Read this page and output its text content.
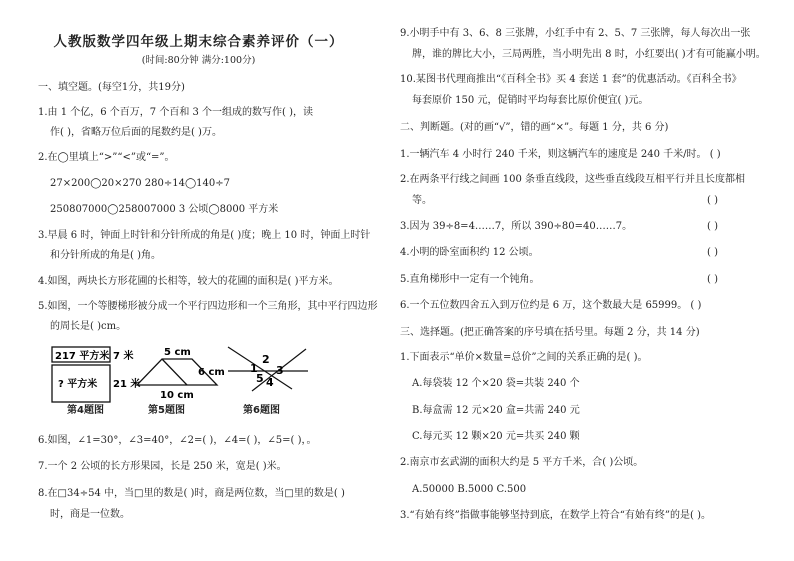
人教版数学四年级上期末综合素养评价（一）
(时间:80分钟 满分:100分)
一、填空题。(每空1分，共19分)
1.由 1 个亿，6 个百万，7 个百和 3 个一组成的数写作( )，读
作( )，省略万位后面的尾数约是( )万。
2.在◯里填上“>”“<”或“=”。
27×200◯20×270 280÷14◯140÷7
250807000◯258007000 3 公顷◯8000 平方米
3.早晨 6 时，钟面上时针和分针所成的角是( )度；晚上 10 时，钟面上时针
和分针所成的角是( )角。
4.如图，两块长方形花圃的长相等，较大的花圃的面积是( )平方米。
5.如图，一个等腰梯形被分成一个平行四边形和一个三角形，其中平行四边形
的周长是( )cm。
6.如图，∠1=30°，∠3=40°，∠2=( )，∠4=( )，∠5=( )，。
7.一个 2 公顷的长方形果园，长是 250 米，宽是( )米。
8.在□34÷54 中，当□里的数是( )时，商是两位数，当□里的数是( )
时，商是一位数。
217 平方米 7 米
? 平方米 21 米
第4题图
5 cm
6 cm
10 cm
第5题图
1
2
3
4
5
第6题图
9.小明手中有 3、6、8 三张牌，小红手中有 2、5、7 三张牌，每人每次出一张
牌，谁的牌比大小，三局两胜，当小明先出 8 时，小红要出( )才有可能赢小明。
10.某图书代理商推出“《百科全书》买 4 套送 1 套”的优惠活动。《百科全书》
每套原价 150 元，促销时平均每套比原价便宜( )元。
二、判断题。(对的画“√”，错的画“×”。每题 1 分，共 6 分)
1.一辆汽车 4 小时行 240 千米，则这辆汽车的速度是 240 千米/时。 ( )
2.在两条平行线之间画 100 条垂直线段，这些垂直线段互相平行并且长度都相
等。
3.因为 39÷8=4……7，所以 390÷80=40……7。
4.小明的卧室面积约 12 公顷。
5.直角梯形中一定有一个钝角。
6.一个五位数四舍五入到万位约是 6 万，这个数最大是 65999。 ( )
三、选择题。(把正确答案的序号填在括号里。每题 2 分，共 14 分)
1.下面表示“单价×数量=总价”之间的关系正确的是( )。
A.每袋装 12 个×20 袋=共装 240 个
B.每盒需 12 元×20 盒=共需 240 元
C.每元买 12 颗×20 元=共买 240 颗
2.南京市玄武湖的面积大约是 5 平方千米，合( )公顷。
A.50000 B.5000 C.500
3.“有始有终”指做事能够坚持到底，在数学上符合“有始有终”的是( )。
( )
( )
( )
( )
